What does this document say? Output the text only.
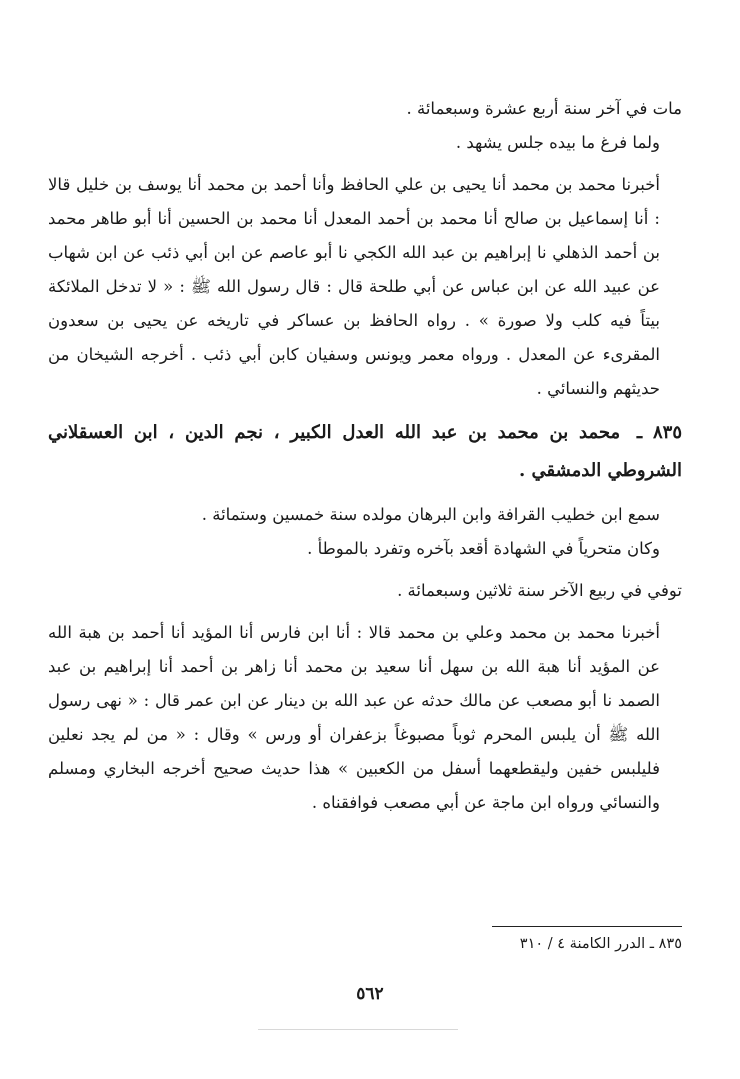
مات في آخر سنة أربع عشرة وسبعمائة .

ولما فرغ ما بيده جلس يشهد .

أخبرنا محمد بن محمد أنا يحيى بن علي الحافظ وأنا أحمد بن محمد أنا يوسف بن خليل قالا : أنا إسماعيل بن صالح أنا محمد بن أحمد المعدل أنا محمد بن الحسين أنا أبو طاهر محمد بن أحمد الذهلي نا إبراهيم بن عبد الله الكجي نا أبو عاصم عن ابن أبي ذئب عن ابن شهاب عن عبيد الله عن ابن عباس عن أبي طلحة قال : قال رسول الله ﷺ : « لا تدخل الملائكة بيتاً فيه كلب ولا صورة » . رواه الحافظ بن عساكر في تاريخه عن يحيى بن سعدون المقرىء عن المعدل . ورواه معمر ويونس وسفيان كابن أبي ذئب . أخرجه الشيخان من حديثهم والنسائي .

٨٣٥ ـ محمد بن محمد بن عبد الله العدل الكبير ، نجم الدين ، ابن العسقلاني الشروطي الدمشقي .

سمع ابن خطيب القرافة وابن البرهان مولده سنة خمسين وستمائة .

وكان متحرياً في الشهادة أقعد بآخره وتفرد بالموطأ .

توفي في ربيع الآخر سنة ثلاثين وسبعمائة .

أخبرنا محمد بن محمد وعلي بن محمد قالا : أنا ابن فارس أنا المؤيد أنا أحمد بن هبة الله عن المؤيد أنا هبة الله بن سهل أنا سعيد بن محمد أنا زاهر بن أحمد أنا إبراهيم بن عبد الصمد نا أبو مصعب عن مالك حدثه عن عبد الله بن دينار عن ابن عمر قال : « نهى رسول الله ﷺ أن يلبس المحرم ثوباً مصبوغاً بزعفران أو ورس » وقال : « من لم يجد نعلين فليلبس خفين وليقطعهما أسفل من الكعبين » هذا حديث صحيح أخرجه البخاري ومسلم والنسائي ورواه ابن ماجة عن أبي مصعب فوافقناه .

٨٣٥ ـ الدرر الكامنة ٤ / ٣١٠
٥٦٢
